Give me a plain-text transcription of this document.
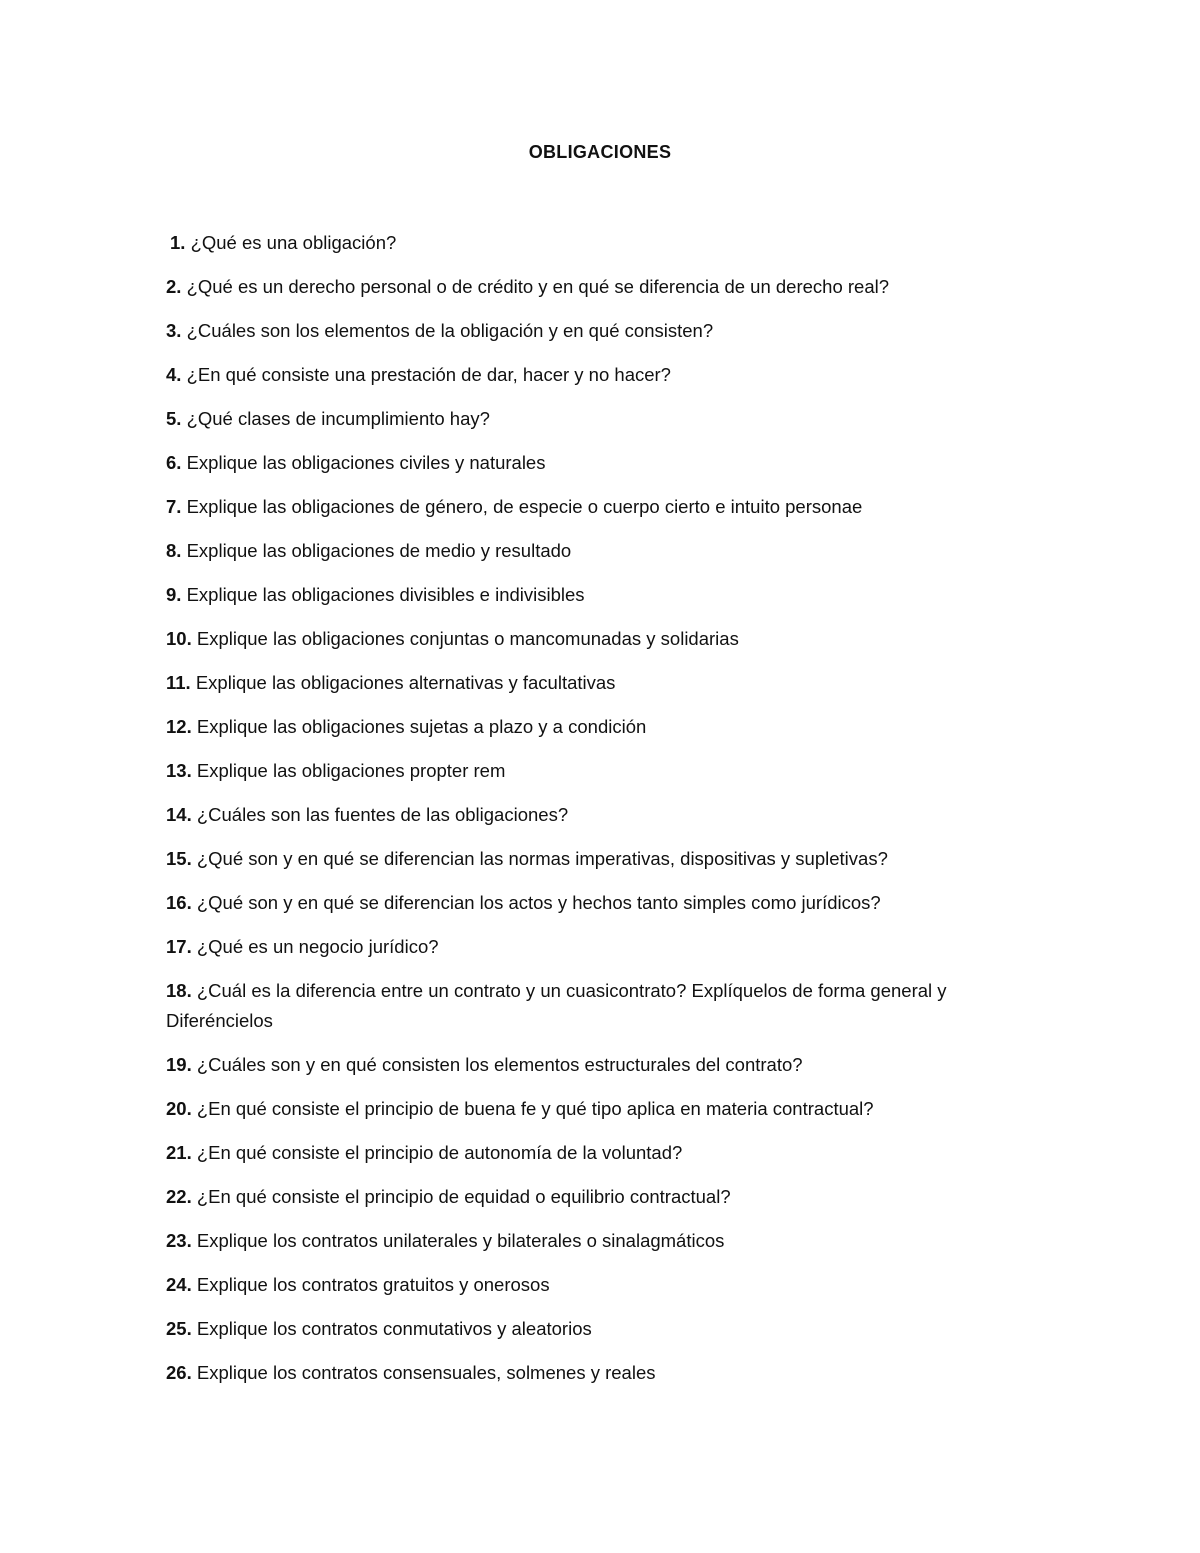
OBLIGACIONES
1. ¿Qué es una obligación?
2. ¿Qué es un derecho personal o de crédito y en qué se diferencia de un derecho real?
3. ¿Cuáles son los elementos de la obligación y en qué consisten?
4. ¿En qué consiste una prestación de dar, hacer y no hacer?
5. ¿Qué clases de incumplimiento hay?
6. Explique las obligaciones civiles y naturales
7. Explique las obligaciones de género, de especie o cuerpo cierto e intuito personae
8. Explique las obligaciones de medio y resultado
9. Explique las obligaciones divisibles e indivisibles
10. Explique las obligaciones conjuntas o mancomunadas y solidarias
11. Explique las obligaciones alternativas y facultativas
12. Explique las obligaciones sujetas a plazo y a condición
13. Explique las obligaciones propter rem
14. ¿Cuáles son las fuentes de las obligaciones?
15. ¿Qué son y en qué se diferencian las normas imperativas, dispositivas y supletivas?
16. ¿Qué son y en qué se diferencian los actos y hechos tanto simples como jurídicos?
17. ¿Qué es un negocio jurídico?
18. ¿Cuál es la diferencia entre un contrato y un cuasicontrato? Explíquelos de forma general y Diferéncielos
19. ¿Cuáles son y en qué consisten los elementos estructurales del contrato?
20. ¿En qué consiste el principio de buena fe y qué tipo aplica en materia contractual?
21. ¿En qué consiste el principio de autonomía de la voluntad?
22. ¿En qué consiste el principio de equidad o equilibrio contractual?
23. Explique los contratos unilaterales y bilaterales o sinalagmáticos
24. Explique los contratos gratuitos y onerosos
25. Explique los contratos conmutativos y aleatorios
26. Explique los contratos consensuales, solmenes y reales
